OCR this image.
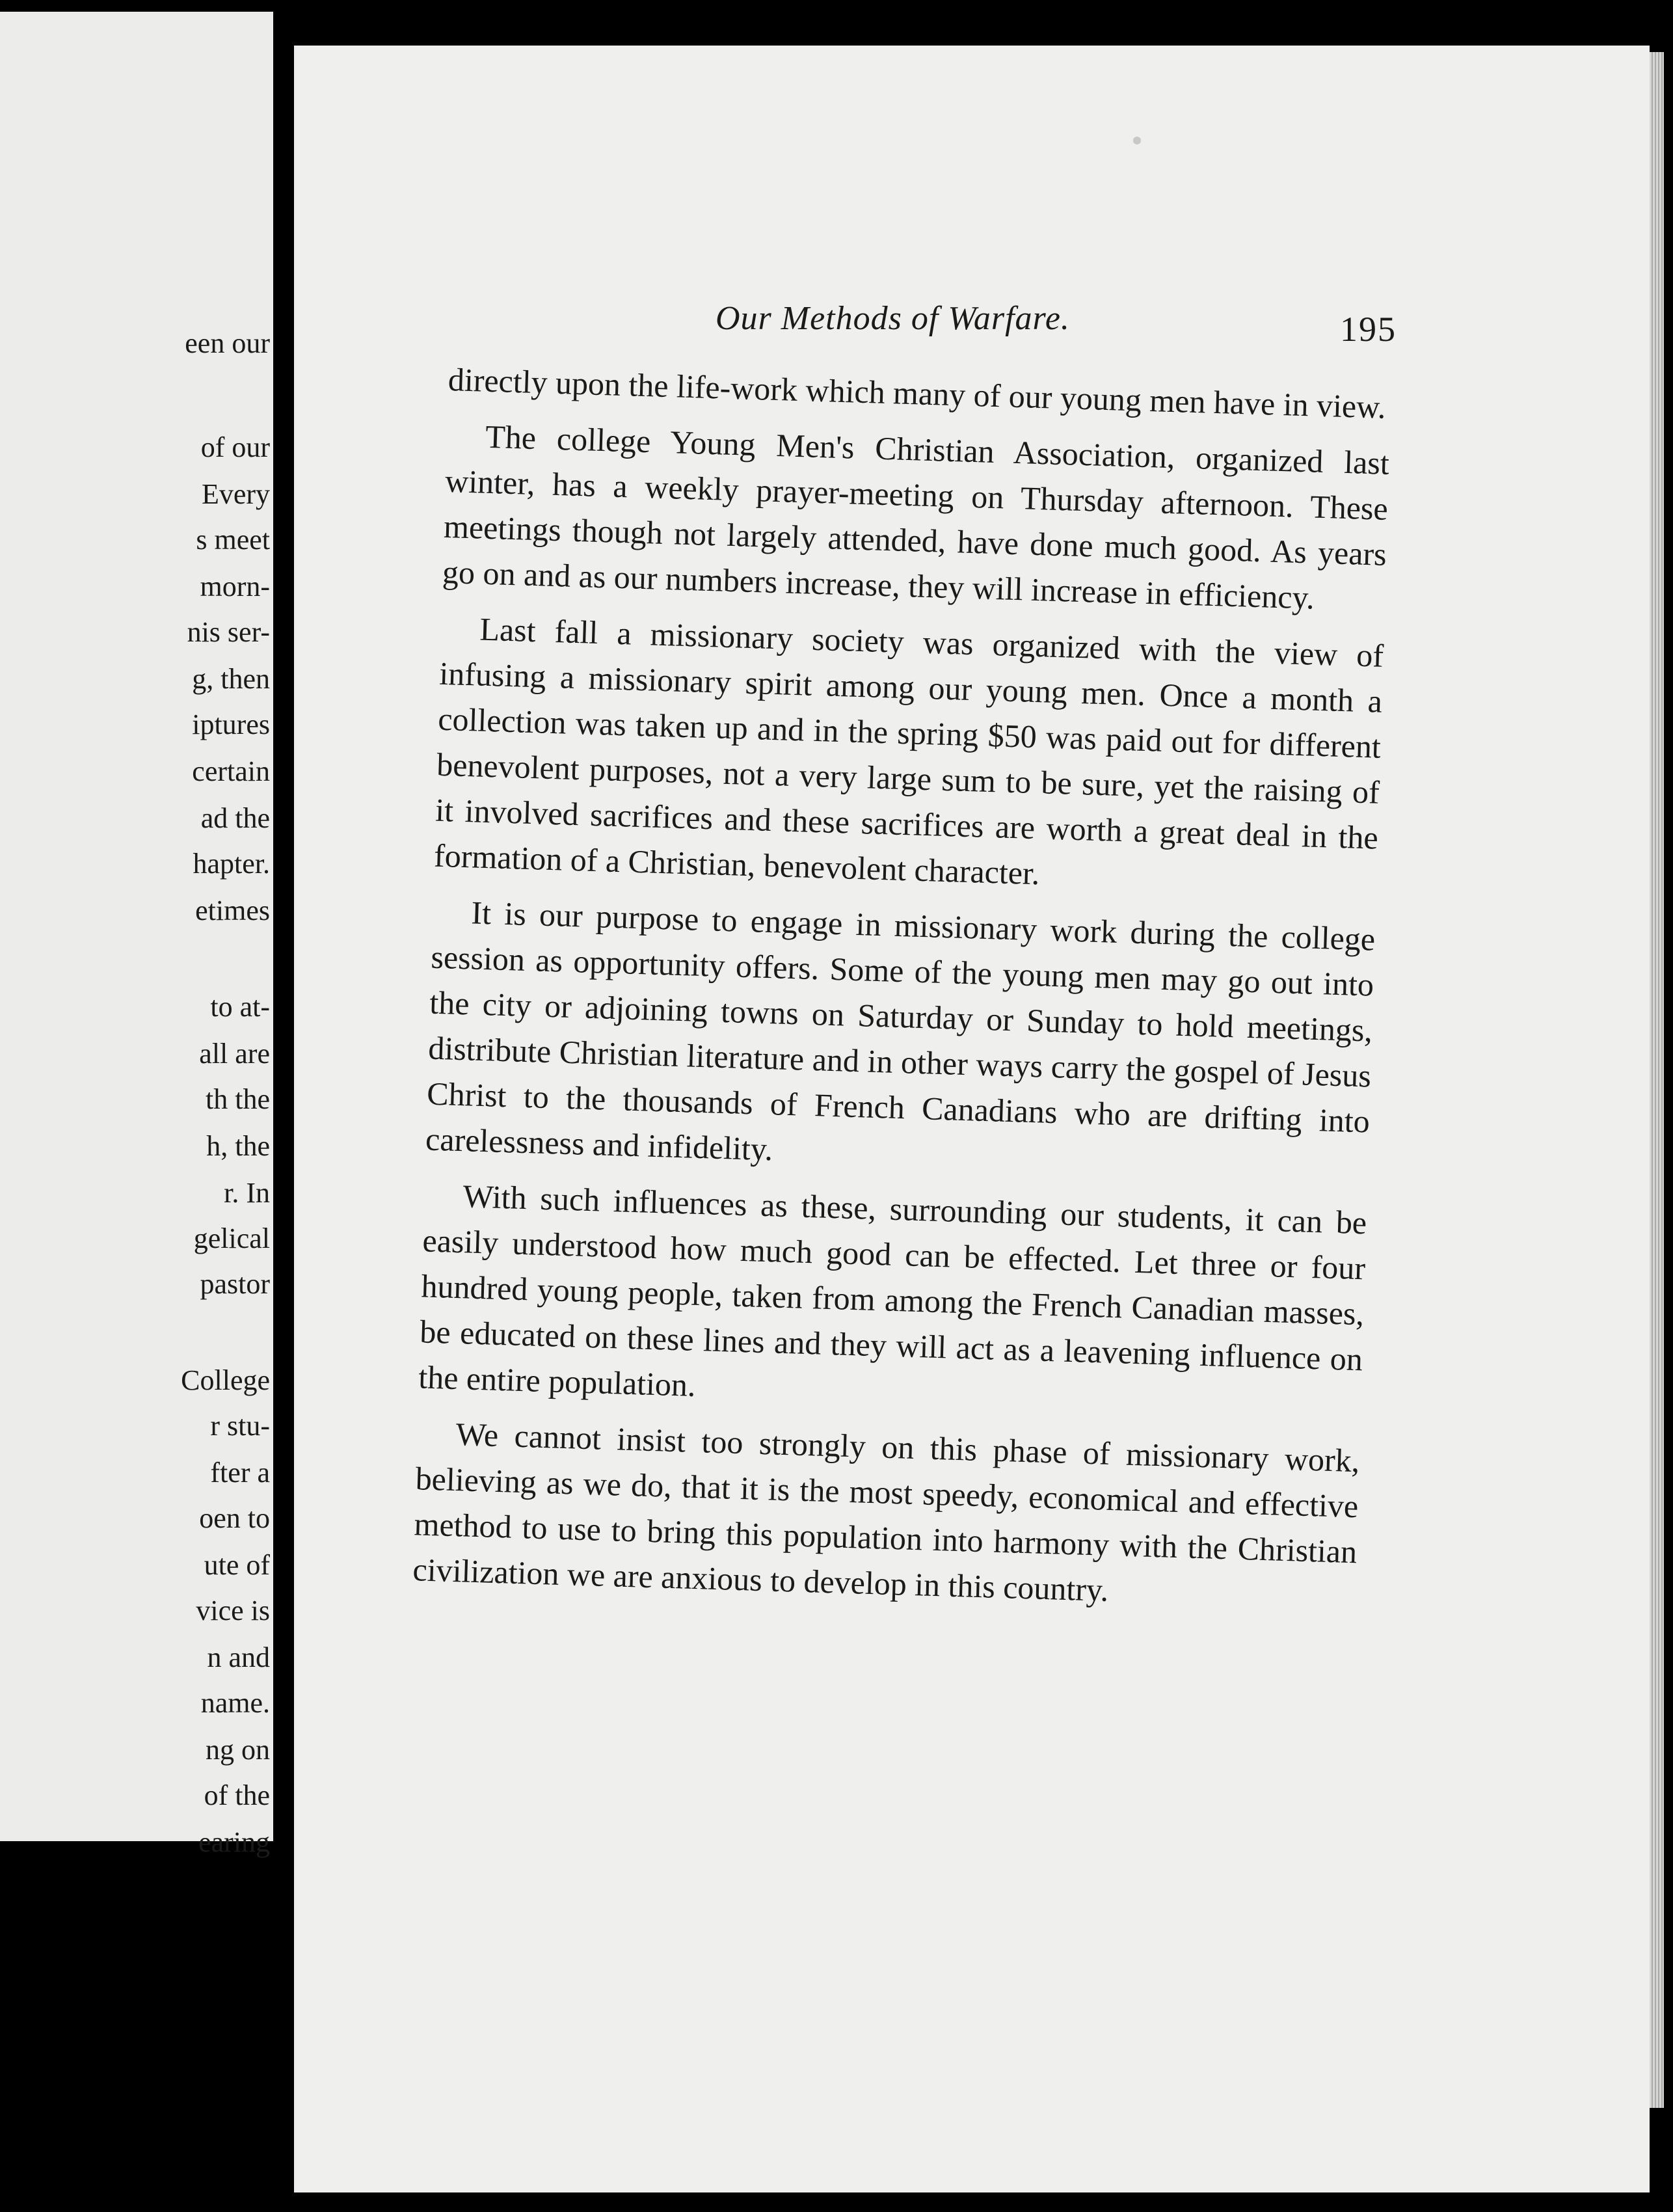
een our
of our
Every
s meet
morn-
nis ser-
g, then
iptures
certain
ad the
hapter.
etimes
to at-
all are
th the
h, the
r. In
gelical
pastor
College
r stu-
fter a
oen to
ute of
vice is
n and
name.
ng on
of the
earing
Our Methods of Warfare.	195

directly upon the life-work which many of our young men have in view.

The college Young Men's Christian Association, organized last winter, has a weekly prayer-meeting on Thursday afternoon. These meetings though not largely attended, have done much good. As years go on and as our numbers increase, they will increase in efficiency.

Last fall a missionary society was organized with the view of infusing a missionary spirit among our young men. Once a month a collection was taken up and in the spring $50 was paid out for different benevolent purposes, not a very large sum to be sure, yet the raising of it involved sacrifices and these sacrifices are worth a great deal in the formation of a Christian, benevolent character.

It is our purpose to engage in missionary work during the college session as opportunity offers. Some of the young men may go out into the city or adjoining towns on Saturday or Sunday to hold meetings, distribute Christian literature and in other ways carry the gospel of Jesus Christ to the thousands of French Canadians who are drifting into carelessness and infidelity.

With such influences as these, surrounding our students, it can be easily understood how much good can be effected. Let three or four hundred young people, taken from among the French Canadian masses, be educated on these lines and they will act as a leavening influence on the entire population.

We cannot insist too strongly on this phase of missionary work, believing as we do, that it is the most speedy, economical and effective method to use to bring this population into harmony with the Christian civilization we are anxious to develop in this country.
